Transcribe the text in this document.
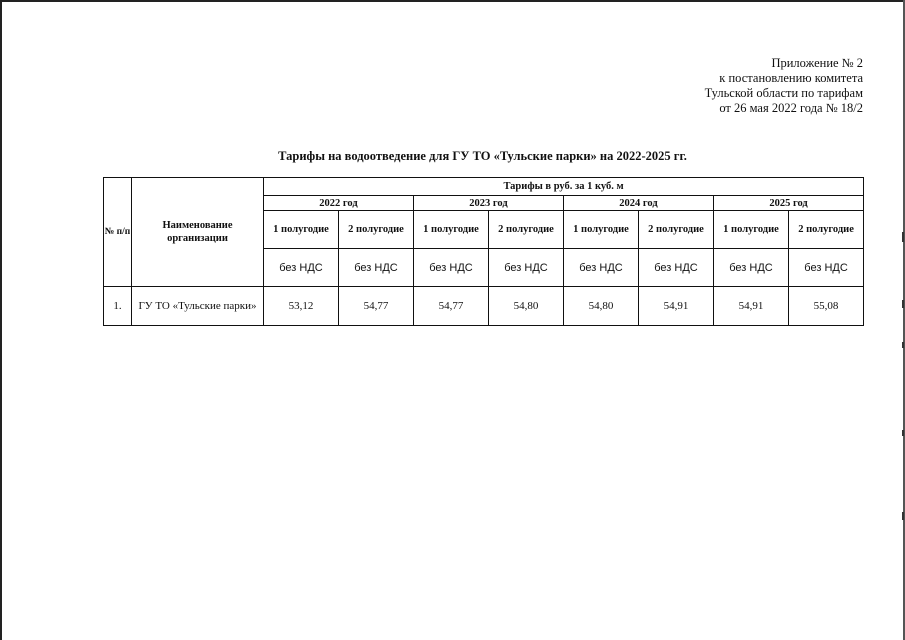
Приложение № 2
к постановлению комитета
Тульской области по тарифам
от 26 мая 2022 года № 18/2
Тарифы на водоотведение для ГУ ТО «Тульские парки» на 2022-2025 гг.
№ п/п	Наименование организации	Тарифы в руб. за 1 куб. м							
		2022 год		2023 год		2024 год		2025 год	
		1 полугодие	2 полугодие	1 полугодие	2 полугодие	1 полугодие	2 полугодие	1 полугодие	2 полугодие
		без НДС	без НДС	без НДС	без НДС	без НДС	без НДС	без НДС	без НДС
1.	ГУ ТО «Тульские парки»	53,12	54,77	54,77	54,80	54,80	54,91	54,91	55,08
